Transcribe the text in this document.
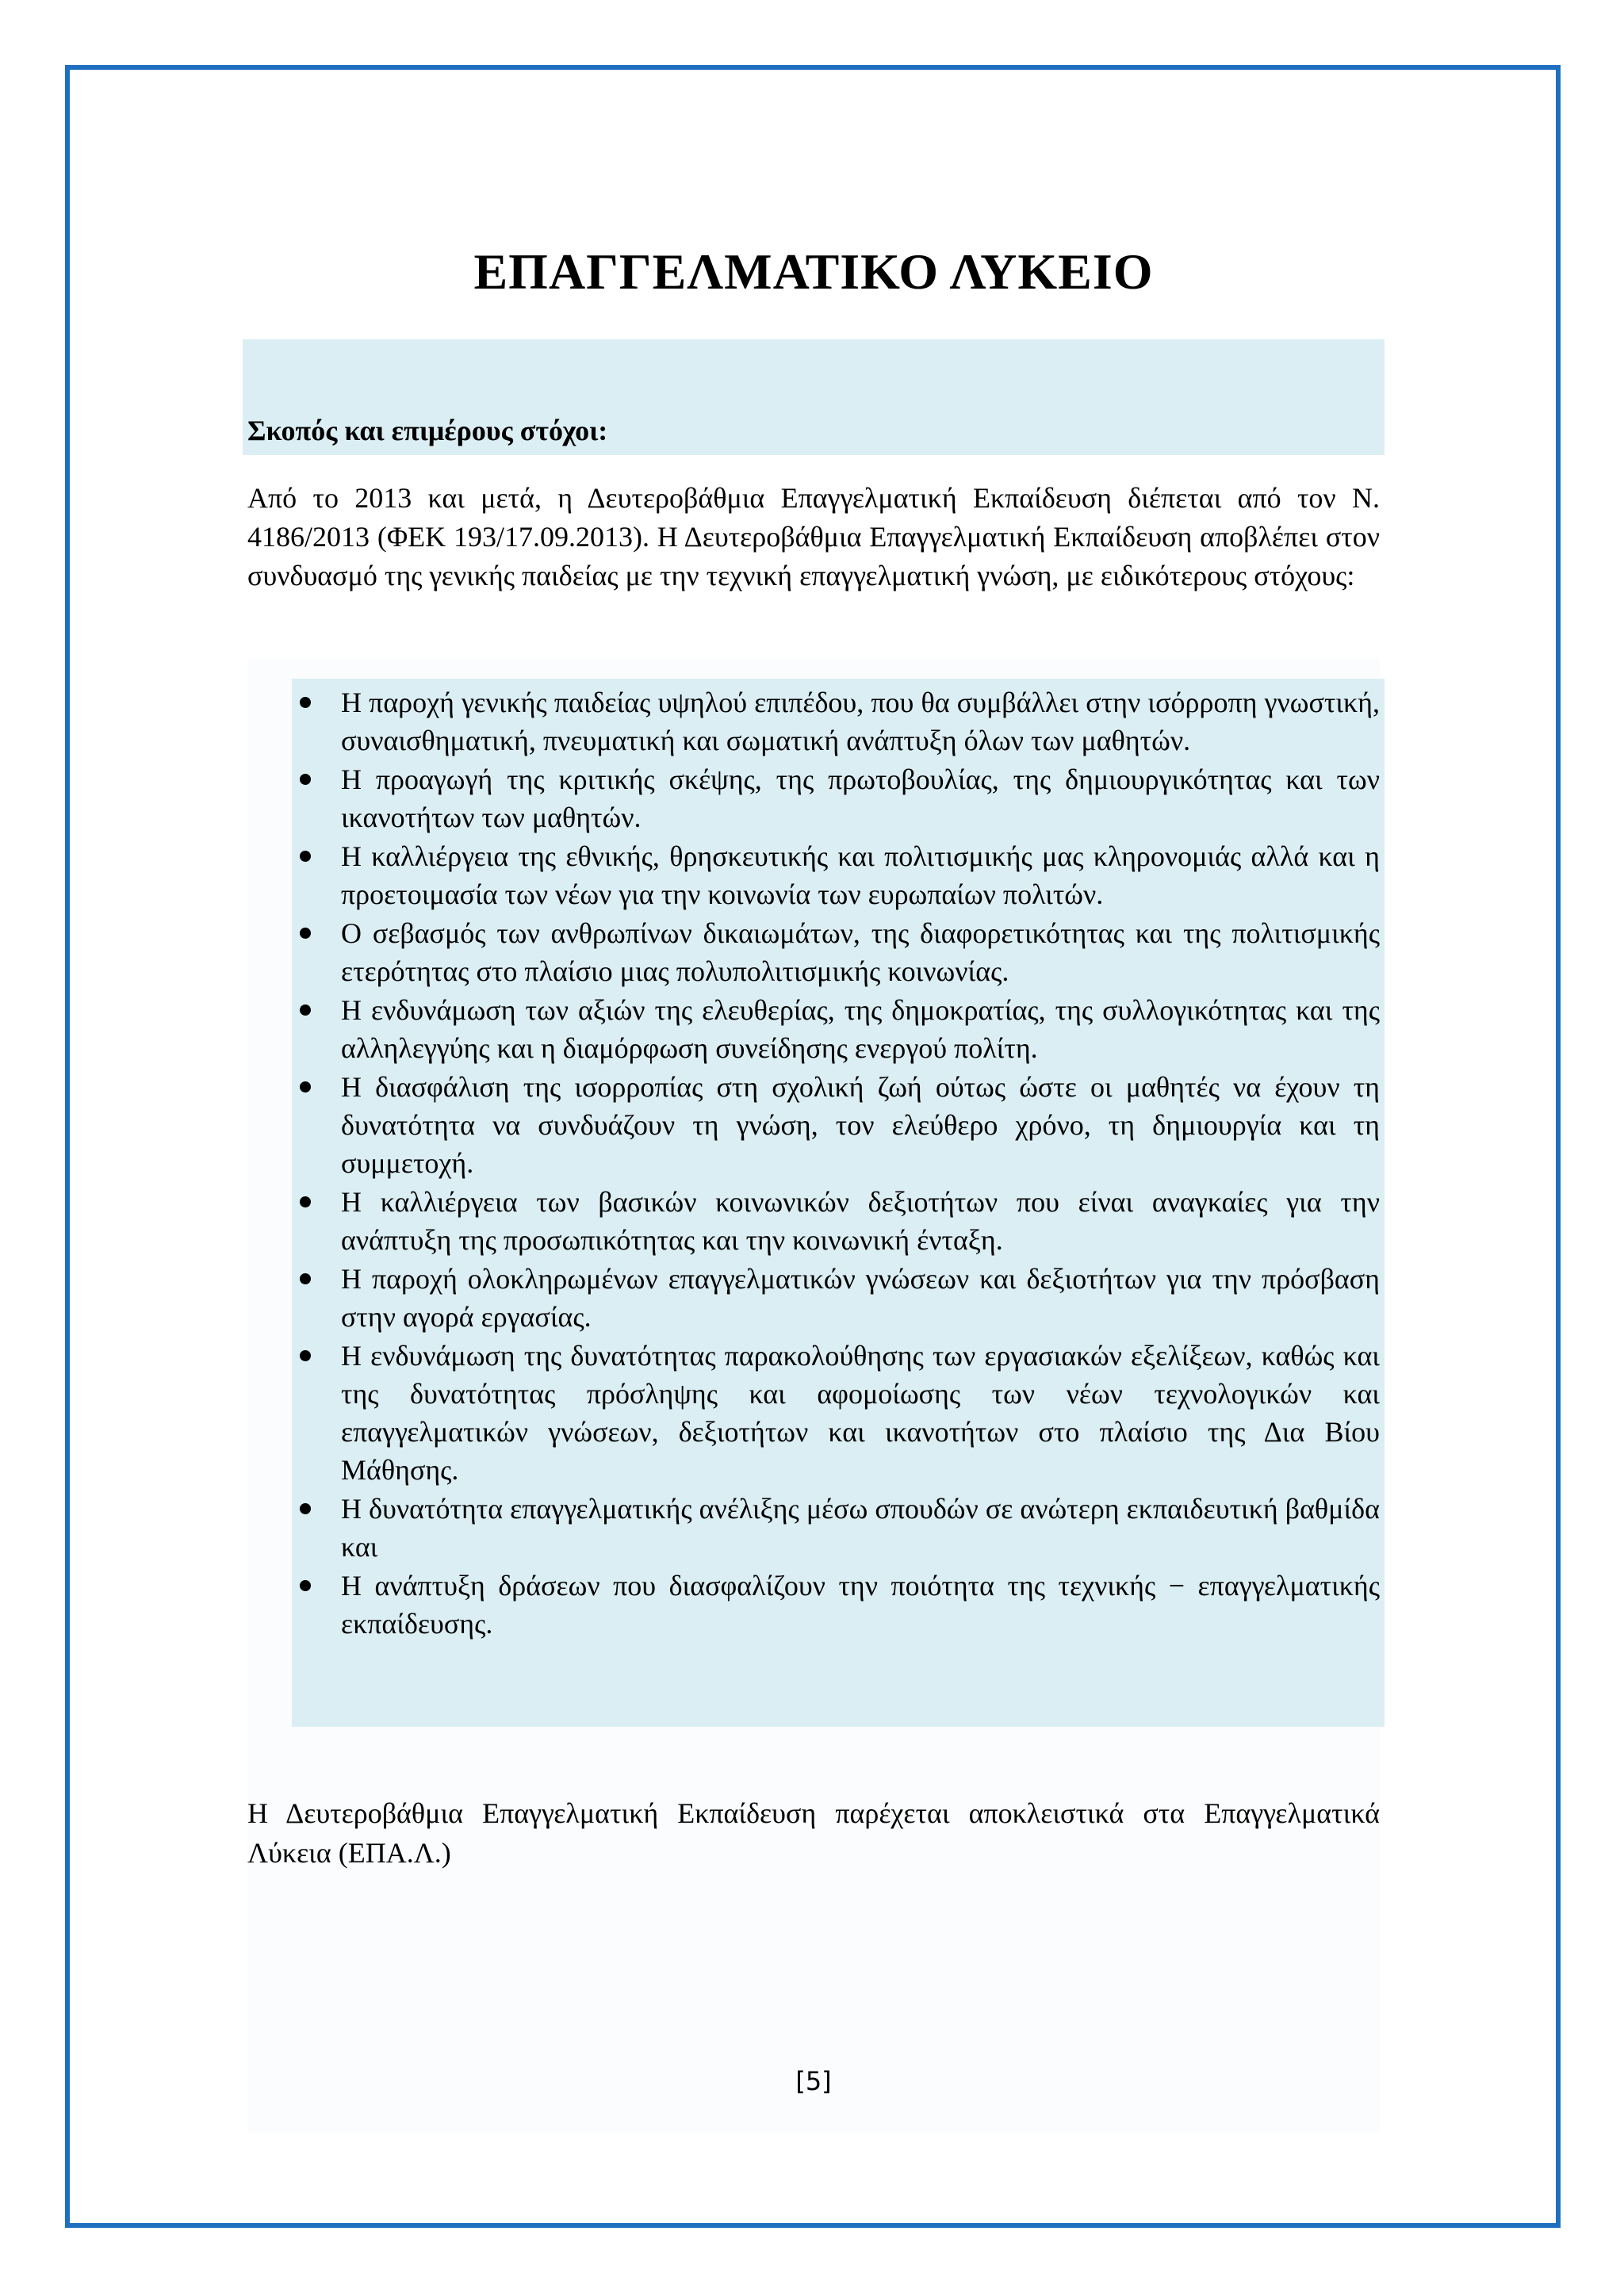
ΕΠΑΓΓΕΛΜΑΤΙΚΟ ΛΥΚΕΙΟ
Σκοπός και επιμέρους στόχοι:

Από το 2013 και μετά, η Δευτεροβάθμια Επαγγελματική Εκπαίδευση διέπεται από τον Ν. 4186/2013 (ΦΕΚ 193/17.09.2013). Η Δευτεροβάθμια Επαγγελματική Εκπαίδευση αποβλέπει στον συνδυασμό της γενικής παιδείας με την τεχνική επαγγελματική γνώση, με ειδικότερους στόχους:

Η παροχή γενικής παιδείας υψηλού επιπέδου, που θα συμβάλλει στην ισόρροπη γνωστική, συναισθηματική, πνευματική και σωματική ανάπτυξη όλων των μαθητών.
Η προαγωγή της κριτικής σκέψης, της πρωτοβουλίας, της δημιουργικότητας και των ικανοτήτων των μαθητών.
Η καλλιέργεια της εθνικής, θρησκευτικής και πολιτισμικής μας κληρονομιάς αλλά και η προετοιμασία των νέων για την κοινωνία των ευρωπαίων πολιτών.
Ο σεβασμός των ανθρωπίνων δικαιωμάτων, της διαφορετικότητας και της πολιτισμικής ετερότητας στο πλαίσιο μιας πολυπολιτισμικής κοινωνίας.
Η ενδυνάμωση των αξιών της ελευθερίας, της δημοκρατίας, της συλλογικότητας και της αλληλεγγύης και η διαμόρφωση συνείδησης ενεργού πολίτη.
Η διασφάλιση της ισορροπίας στη σχολική ζωή ούτως ώστε οι μαθητές να έχουν τη δυνατότητα να συνδυάζουν τη γνώση, τον ελεύθερο χρόνο, τη δημιουργία και τη συμμετοχή.
Η καλλιέργεια των βασικών κοινωνικών δεξιοτήτων που είναι αναγκαίες για την ανάπτυξη της προσωπικότητας και την κοινωνική ένταξη.
Η παροχή ολοκληρωμένων επαγγελματικών γνώσεων και δεξιοτήτων για την πρόσβαση στην αγορά εργασίας.
Η ενδυνάμωση της δυνατότητας παρακολούθησης των εργασιακών εξελίξεων, καθώς και της δυνατότητας πρόσληψης και αφομοίωσης των νέων τεχνολογικών και επαγγελματικών γνώσεων, δεξιοτήτων και ικανοτήτων στο πλαίσιο της Δια Βίου Μάθησης.
Η δυνατότητα επαγγελματικής ανέλιξης μέσω σπουδών σε ανώτερη εκπαιδευτική βαθμίδα και
Η ανάπτυξη δράσεων που διασφαλίζουν την ποιότητα της τεχνικής − επαγγελματικής εκπαίδευσης.

Η Δευτεροβάθμια Επαγγελματική Εκπαίδευση παρέχεται αποκλειστικά στα Επαγγελματικά Λύκεια (ΕΠΑ.Λ.)

[5]
